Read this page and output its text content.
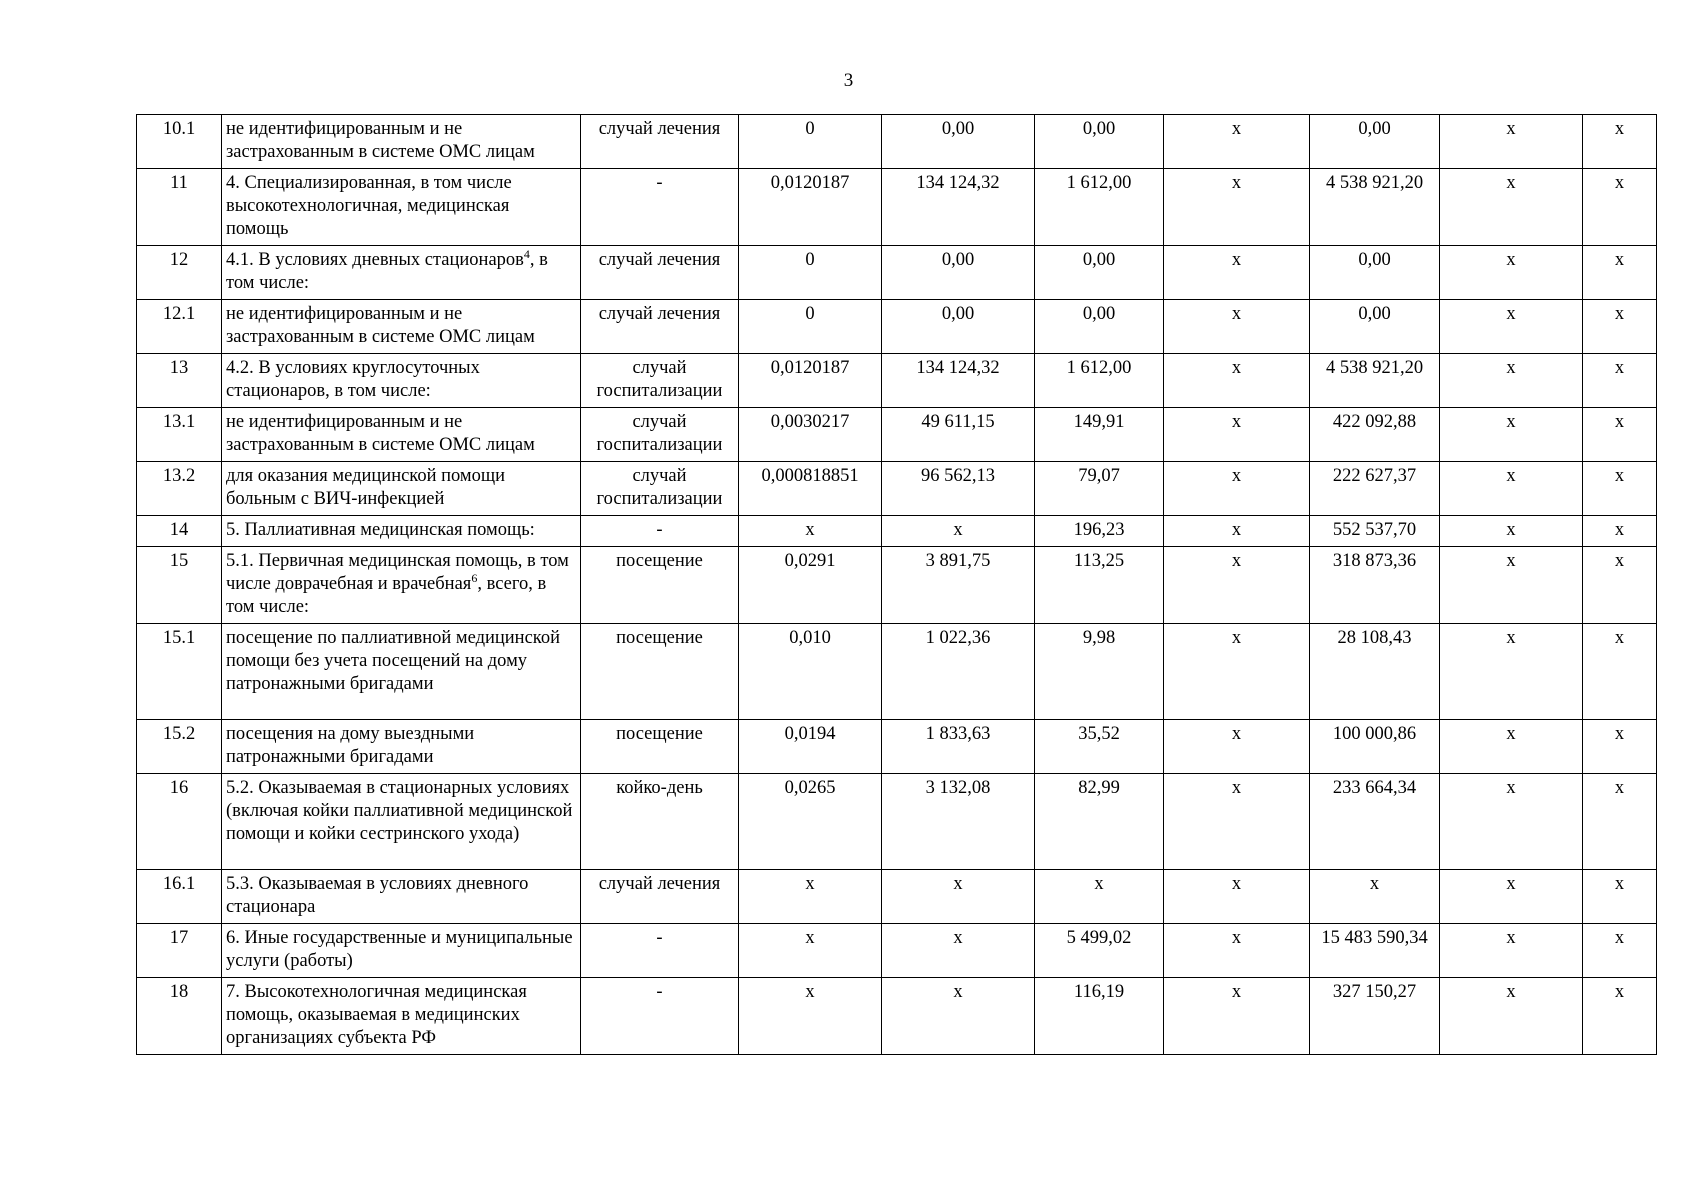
3
10.1	не идентифицированным и не застрахованным в системе ОМС лицам	случай лечения	0	0,00	0,00	х	0,00	х	х
11	4. Специализированная, в том числе высокотехнологичная, медицинская помощь	-	0,0120187	134 124,32	1 612,00	х	4 538 921,20	х	х
12	4.1. В условиях дневных стационаров$^4$, в том числе:	случай лечения	0	0,00	0,00	х	0,00	х	х
12.1	не идентифицированным и не застрахованным в системе ОМС лицам	случай лечения	0	0,00	0,00	х	0,00	х	х
13	4.2. В условиях круглосуточных стационаров, в том числе:	случай госпитализации	0,0120187	134 124,32	1 612,00	х	4 538 921,20	х	х
13.1	не идентифицированным и не застрахованным в системе ОМС лицам	случай госпитализации	0,0030217	49 611,15	149,91	х	422 092,88	х	х
13.2	для оказания медицинской помощи больным с ВИЧ-инфекцией	случай госпитализации	0,000818851	96 562,13	79,07	х	222 627,37	х	х
14	5. Паллиативная медицинская помощь:	-	х	х	196,23	х	552 537,70	х	х
15	5.1. Первичная медицинская помощь, в том числе доврачебная и врачебная$^6$, всего, в том числе:	посещение	0,0291	3 891,75	113,25	х	318 873,36	х	х
15.1	посещение по паллиативной медицинской помощи без учета посещений на дому патронажными бригадами	посещение	0,010	1 022,36	9,98	х	28 108,43	х	х
15.2	посещения на дому выездными патронажными бригадами	посещение	0,0194	1 833,63	35,52	х	100 000,86	х	х
16	5.2. Оказываемая в стационарных условиях (включая койки паллиативной медицинской помощи и койки сестринского ухода)	койко-день	0,0265	3 132,08	82,99	х	233 664,34	х	х
16.1	5.3. Оказываемая в условиях дневного стационара	случай лечения	х	х	х	х	х	х	х
17	6. Иные государственные и муниципальные услуги (работы)	-	х	х	5 499,02	х	15 483 590,34	х	х
18	7. Высокотехнологичная медицинская помощь, оказываемая в медицинских организациях субъекта РФ	-	х	х	116,19	х	327 150,27	х	х
